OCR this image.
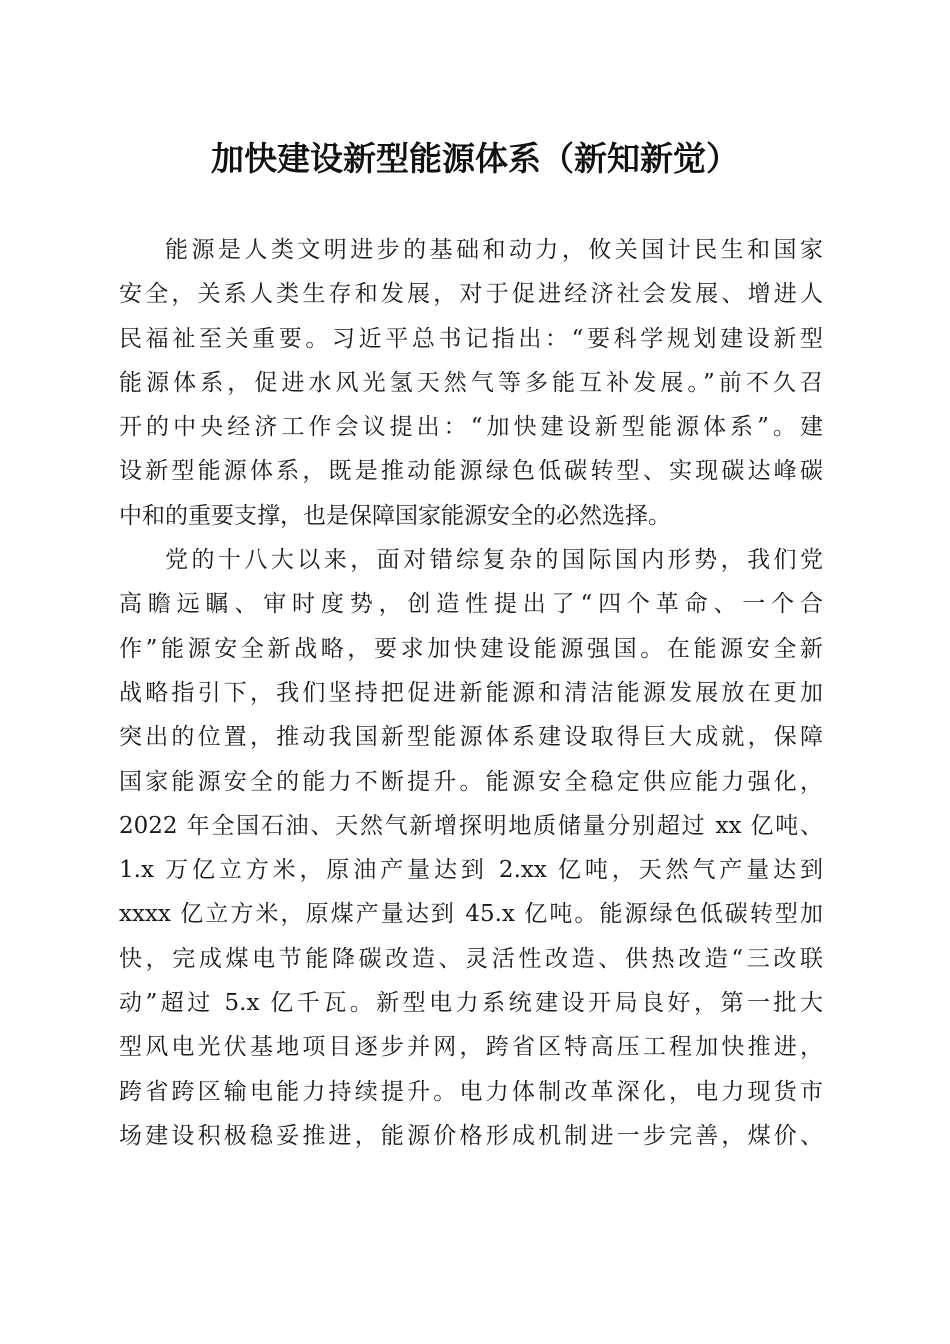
加快建设新型能源体系（新知新觉）

能源是人类文明进步的基础和动力，攸关国计民生和国家
安全，关系人类生存和发展，对于促进经济社会发展、增进人
民福祉至关重要。习近平总书记指出：“要科学规划建设新型
能源体系，促进水风光氢天然气等多能互补发展。”前不久召
开的中央经济工作会议提出：“加快建设新型能源体系”。建
设新型能源体系，既是推动能源绿色低碳转型、实现碳达峰碳
中和的重要支撑，也是保障国家能源安全的必然选择。

党的十八大以来，面对错综复杂的国际国内形势，我们党
高瞻远瞩、审时度势，创造性提出了“四个革命、一个合
作”能源安全新战略，要求加快建设能源强国。在能源安全新
战略指引下，我们坚持把促进新能源和清洁能源发展放在更加
突出的位置，推动我国新型能源体系建设取得巨大成就，保障
国家能源安全的能力不断提升。能源安全稳定供应能力强化，
2022 年全国石油、天然气新增探明地质储量分别超过 xx 亿吨、
1.x 万亿立方米，原油产量达到 2.xx 亿吨，天然气产量达到
xxxx 亿立方米，原煤产量达到 45.x 亿吨。能源绿色低碳转型加
快，完成煤电节能降碳改造、灵活性改造、供热改造“三改联
动”超过 5.x 亿千瓦。新型电力系统建设开局良好，第一批大
型风电光伏基地项目逐步并网，跨省区特高压工程加快推进，
跨省跨区输电能力持续提升。电力体制改革深化，电力现货市
场建设积极稳妥推进，能源价格形成机制进一步完善，煤价、
